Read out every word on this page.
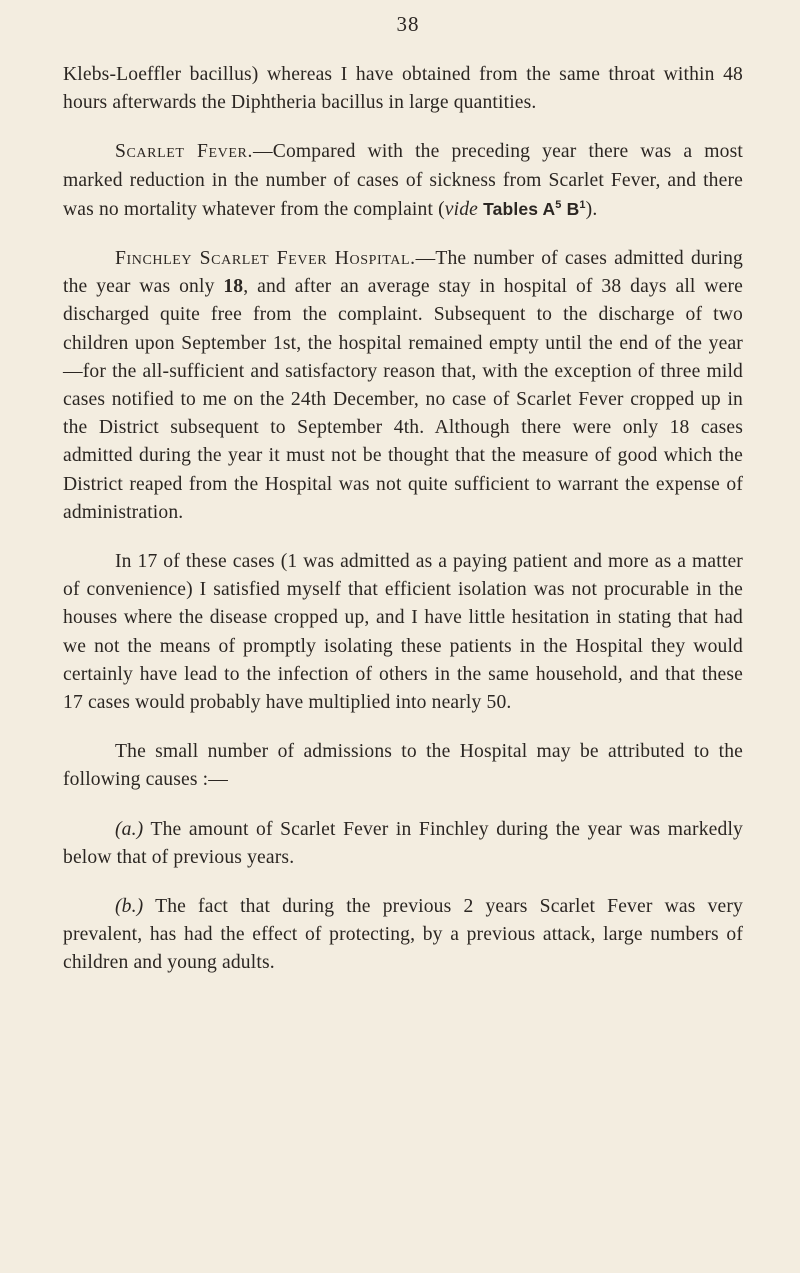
38

Klebs-Loeffler bacillus) whereas I have obtained from the same throat within 48 hours afterwards the Diphtheria bacillus in large quantities.

Scarlet Fever.—Compared with the preceding year there was a most marked reduction in the number of cases of sickness from Scarlet Fever, and there was no mortality whatever from the complaint (vide Tables $A^5$ $B^1$).

Finchley Scarlet Fever Hospital.—The number of cases admitted during the year was only 18, and after an average stay in hospital of 38 days all were discharged quite free from the complaint. Subsequent to the discharge of two children upon September 1st, the hospital remained empty until the end of the year—for the all-sufficient and satisfactory reason that, with the exception of three mild cases notified to me on the 24th December, no case of Scarlet Fever cropped up in the District subsequent to September 4th. Although there were only 18 cases admitted during the year it must not be thought that the measure of good which the District reaped from the Hospital was not quite sufficient to warrant the expense of administration.

In 17 of these cases (1 was admitted as a paying patient and more as a matter of convenience) I satisfied myself that efficient isolation was not procurable in the houses where the disease cropped up, and I have little hesitation in stating that had we not the means of promptly isolating these patients in the Hospital they would certainly have lead to the infection of others in the same household, and that these 17 cases would probably have multiplied into nearly 50.

The small number of admissions to the Hospital may be attributed to the following causes :—

(a.) The amount of Scarlet Fever in Finchley during the year was markedly below that of previous years.

(b.) The fact that during the previous 2 years Scarlet Fever was very prevalent, has had the effect of protecting, by a previous attack, large numbers of children and young adults.
